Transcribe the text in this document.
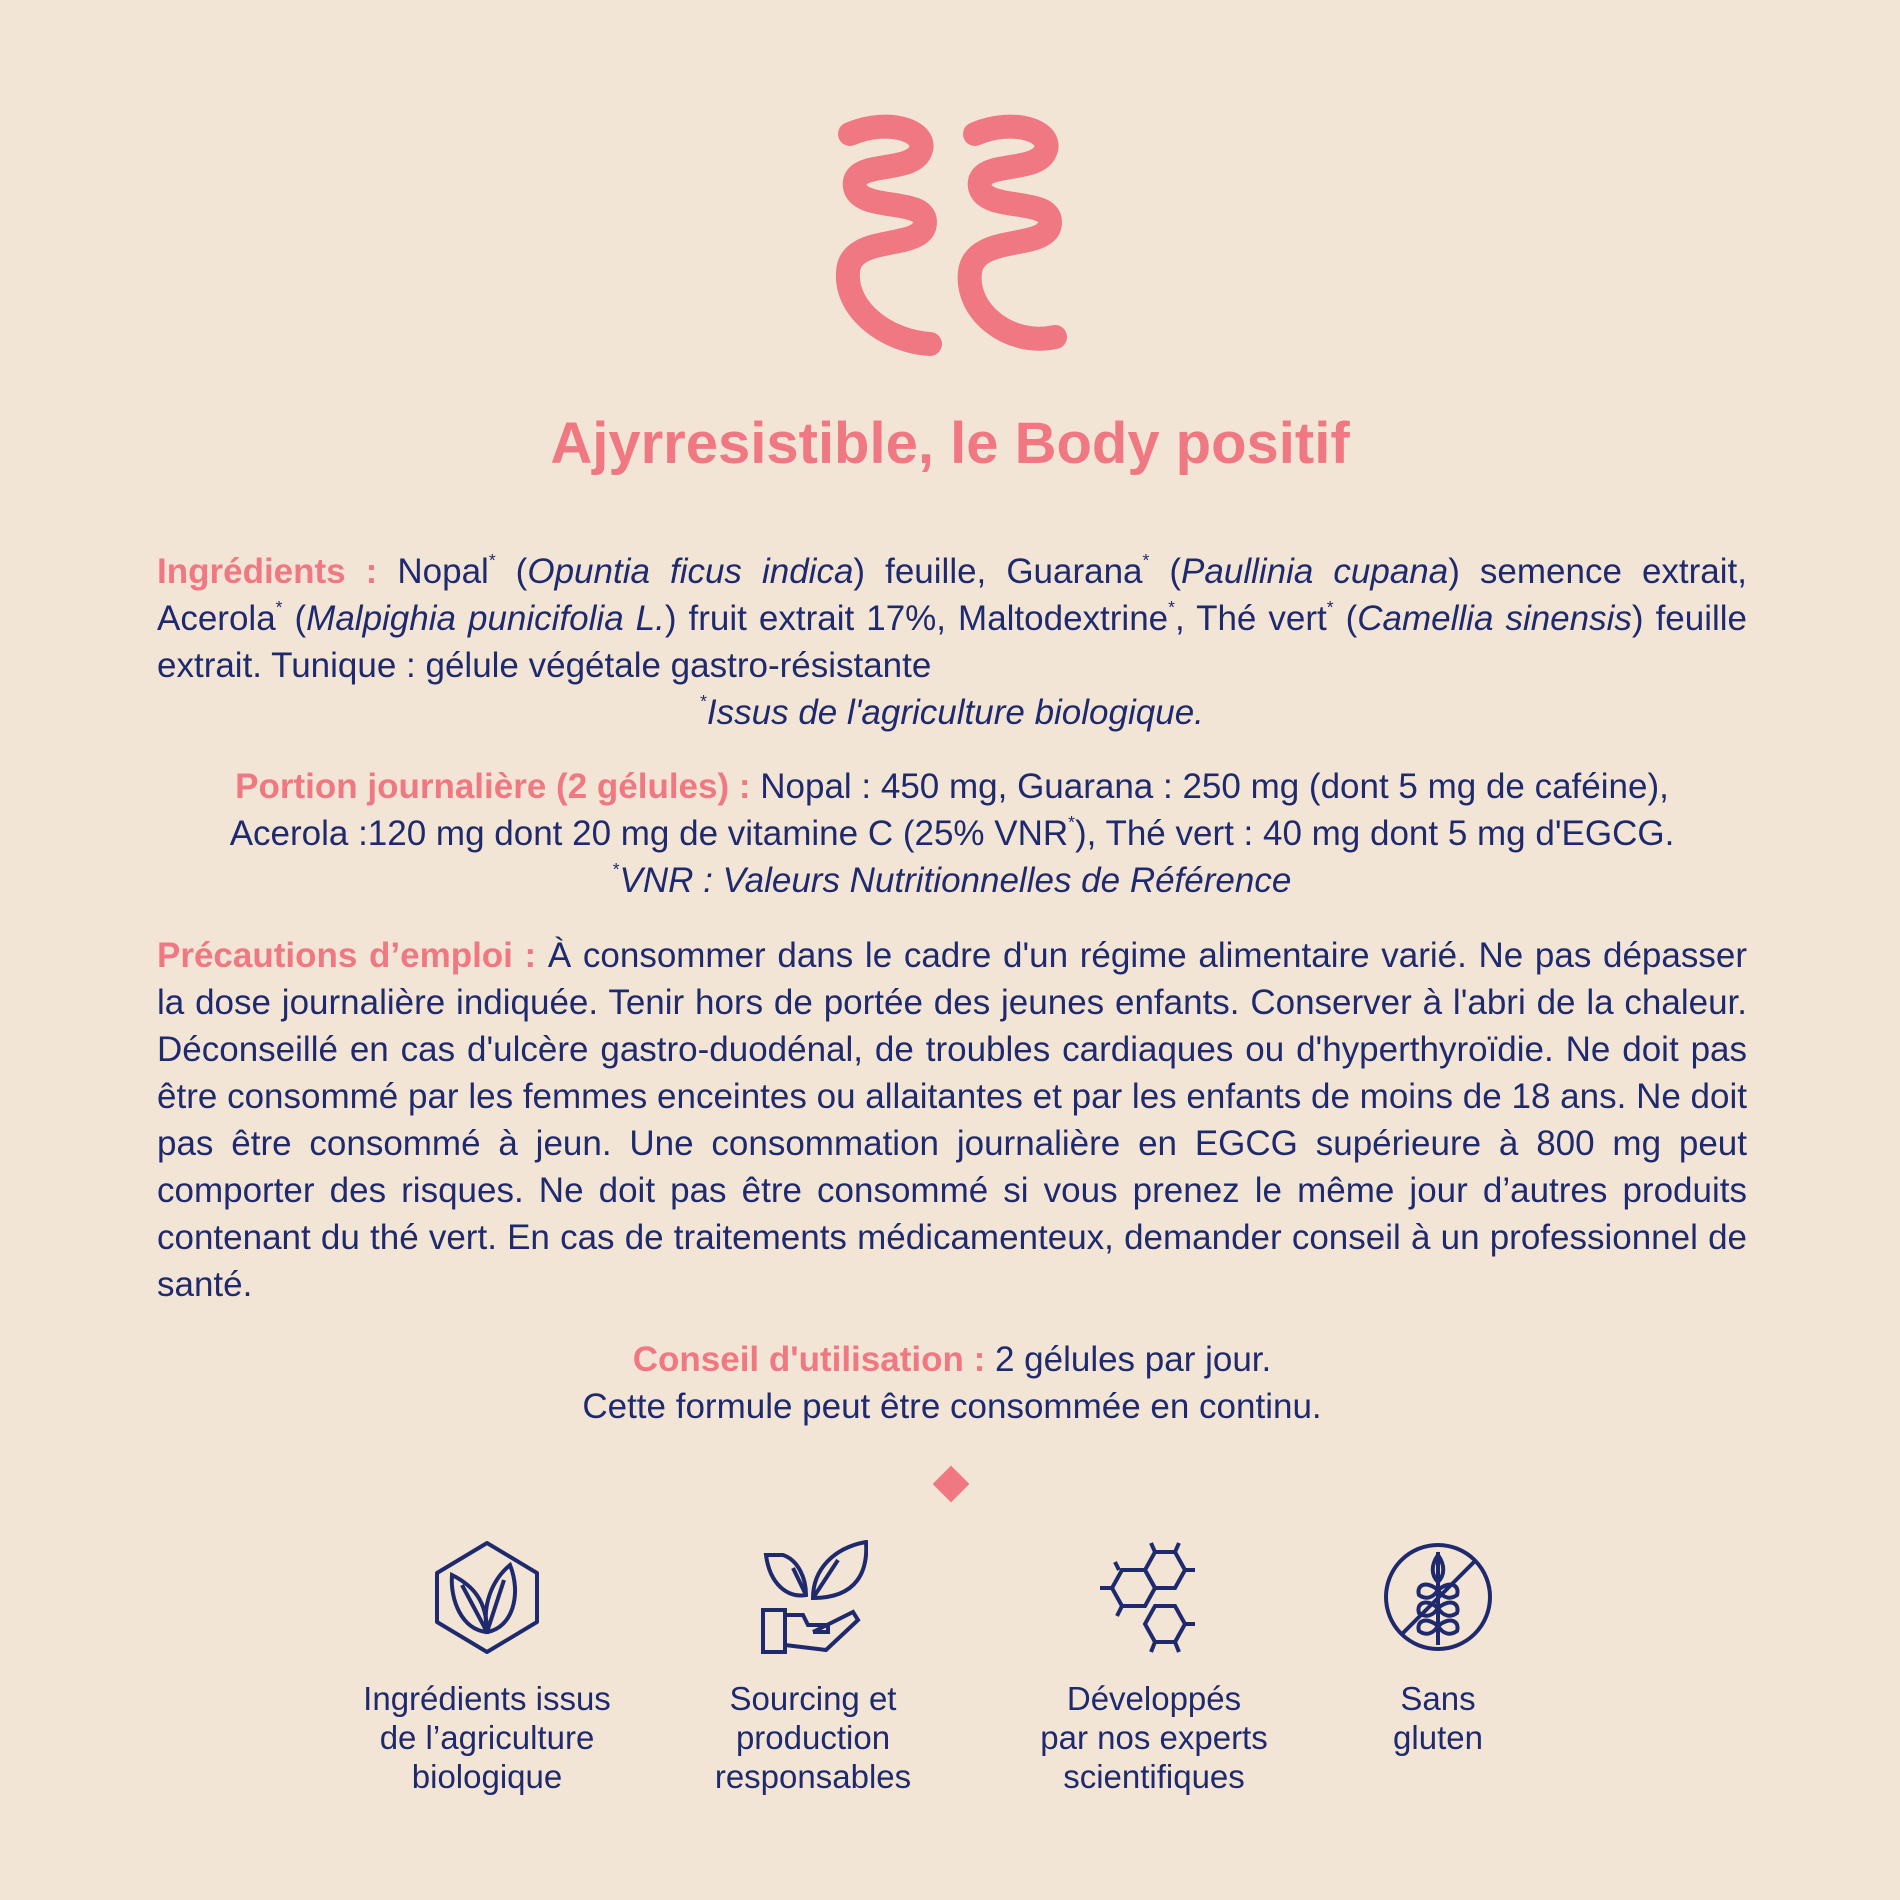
Ajyrresistible, le Body positif
Ingrédients : Nopal* (Opuntia ficus indica) feuille, Guarana* (Paullinia cupana) semence extrait, Acerola* (Malpighia punicifolia L.) fruit extrait 17%, Maltodextrine*, Thé vert* (Camellia sinensis) feuille extrait. Tunique : gélule végétale gastro-résistante
*Issus de l'agriculture biologique.
Portion journalière (2 gélules) : Nopal : 450 mg, Guarana : 250 mg (dont 5 mg de caféine),
Acerola :120 mg dont 20 mg de vitamine C (25% VNR*), Thé vert : 40 mg dont 5 mg d'EGCG.
*VNR : Valeurs Nutritionnelles de Référence
Précautions d’emploi : À consommer dans le cadre d'un régime alimentaire varié. Ne pas dépasser la dose journalière indiquée. Tenir hors de portée des jeunes enfants. Conserver à l'abri de la chaleur. Déconseillé en cas d'ulcère gastro-duodénal, de troubles cardiaques ou d'hyperthyroïdie. Ne doit pas être consommé par les femmes enceintes ou allaitantes et par les enfants de moins de 18 ans. Ne doit pas être consommé à jeun. Une consommation journalière en EGCG supérieure à 800 mg peut comporter des risques. Ne doit pas être consommé si vous prenez le même jour d’autres produits contenant du thé vert. En cas de traitements médicamenteux, demander conseil à un professionnel de santé.
Conseil d'utilisation : 2 gélules par jour.
Cette formule peut être consommée en continu.
Ingrédients issus
de l’agriculture
biologique
Sourcing et
production
responsables
Développés
par nos experts
scientifiques
Sans
gluten
